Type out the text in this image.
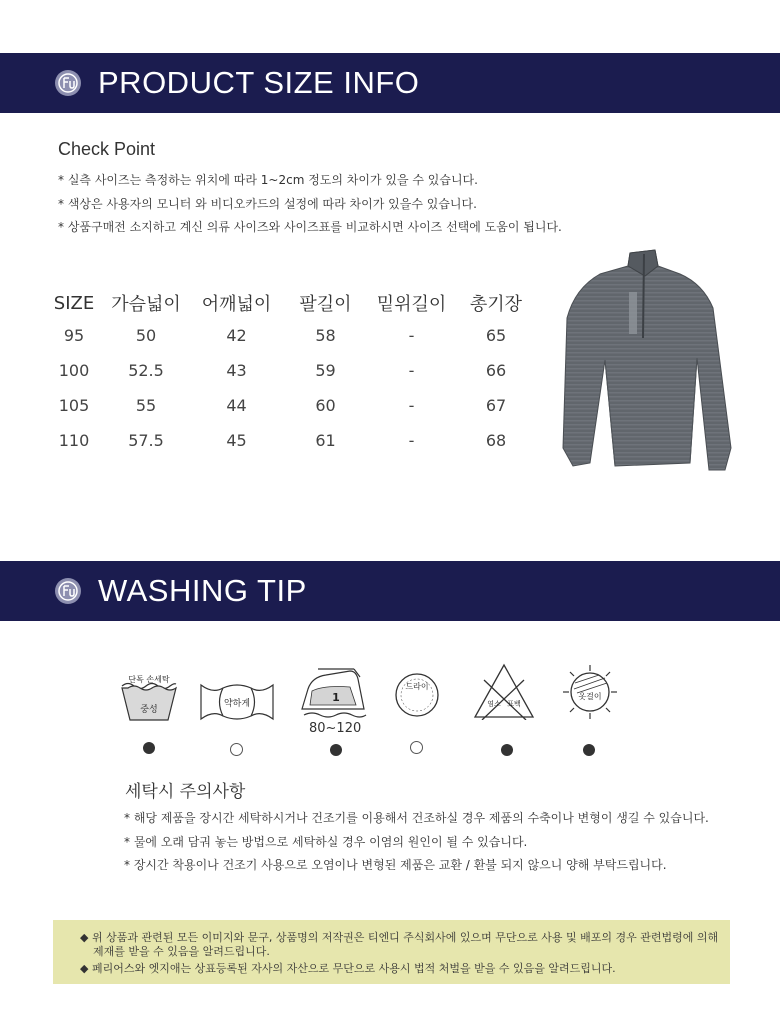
PRODUCT SIZE INFO
Check Point
* 실측 사이즈는 측정하는 위치에 따라 1~2cm 정도의 차이가 있을 수 있습니다.
* 색상은 사용자의 모니터 와 비디오카드의 설정에 따라 차이가 있을수 있습니다.
* 상품구매전 소지하고 계신 의류 사이즈와 사이즈표를 비교하시면 사이즈 선택에 도움이 됩니다.
SIZE	가슴넓이	어깨넓이	팔길이	밑위길이	총기장
95	50	42	58	-	65
100	52.5	43	59	-	66
105	55	44	60	-	67
110	57.5	45	61	-	68
WASHING TIP
단독 손세탁
중성
약하게	1
80~120
드라이
염소 표백
옷걸이
세탁시 주의사항
* 해당 제품을 장시간 세탁하시거나 건조기를 이용해서 건조하실 경우 제품의 수축이나 변형이 생길 수 있습니다.
* 물에 오래 담궈 놓는 방법으로 세탁하실 경우 이염의 원인이 될 수 있습니다.
* 장시간 착용이나 건조기 사용으로 오염이나 변형된 제품은 교환 / 환불 되지 않으니 양해 부탁드립니다.
◆ 위 상품과 관련된 모든 이미지와 문구, 상품명의 저작권은 티엔디 주식회사에 있으며 무단으로 사용 및 배포의 경우 관련법령에 의해
제재를 받을 수 있음을 알려드립니다.
◆ 페리어스와 엣지애는 상표등록된 자사의 자산으로 무단으로 사용시 법적 처벌을 받을 수 있음을 알려드립니다.
